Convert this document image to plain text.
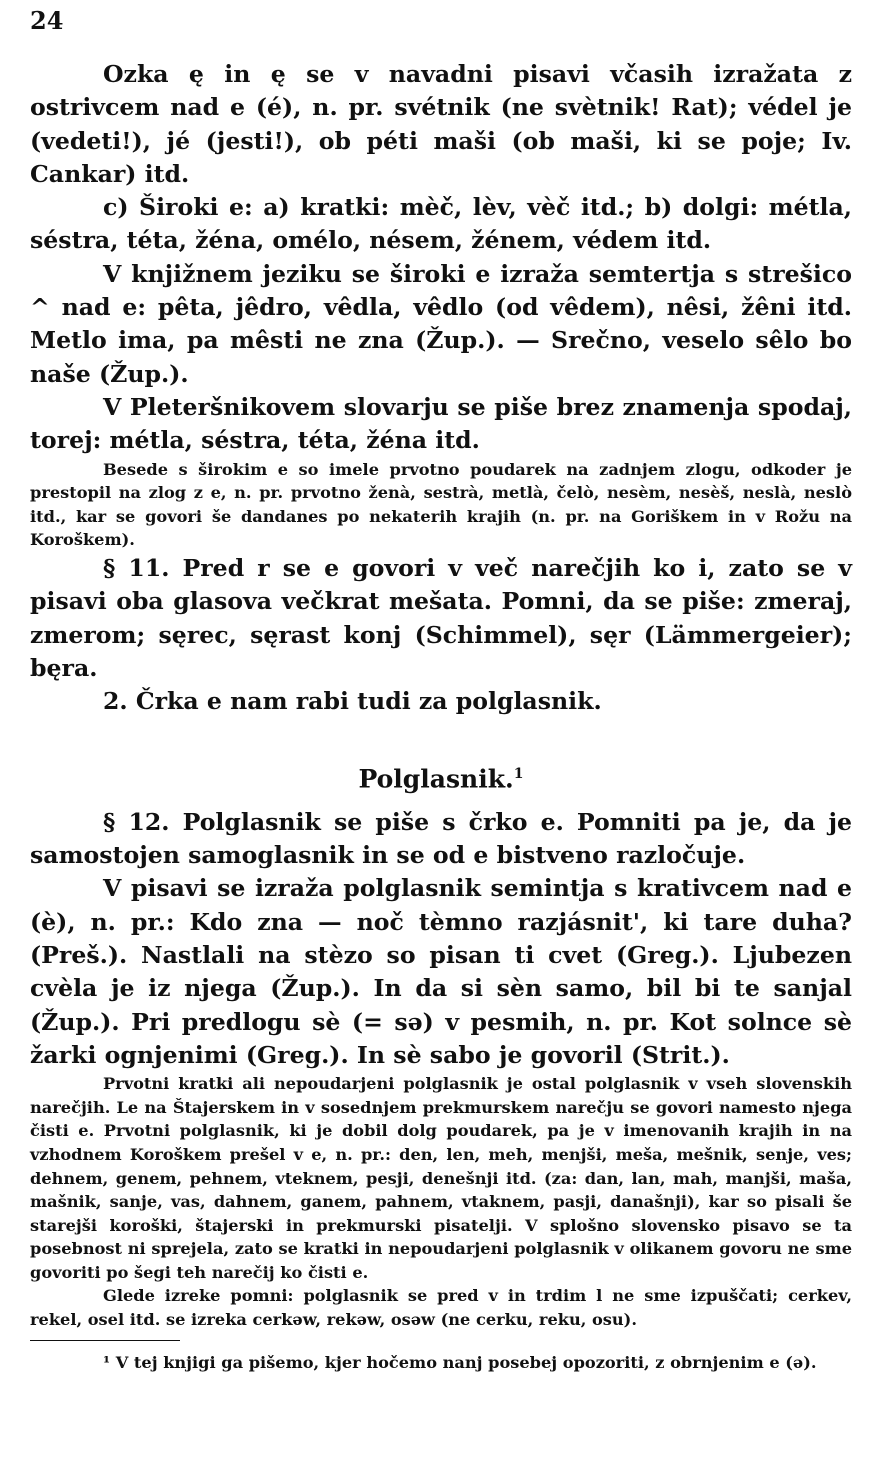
24

Ozka ę in ę se v navadni pisavi včasih izražata z ostrivcem nad e (é), n. pr. svétnik (ne svètnik! Rat); védel je (vedeti!), jé (jesti!), ob péti maši (ob maši, ki se poje; Iv. Cankar) itd.

c) Široki e: a) kratki: mèč, lèv, vèč itd.; b) dolgi: métla, séstra, téta, žéna, omélo, nésem, žénem, védem itd.

V knjižnem jeziku se široki e izraža semtertja s strešico ^ nad e: pêta, jêdro, vêdla, vêdlo (od vêdem), nêsi, žêni itd. Metlo ima, pa mêsti ne zna (Žup.). — Srečno, veselo sêlo bo naše (Žup.).

V Pleteršnikovem slovarju se piše brez znamenja spodaj, torej: métla, séstra, téta, žéna itd.

Besede s širokim e so imele prvotno poudarek na zadnjem zlogu, odkoder je prestopil na zlog z e, n. pr. prvotno ženà, sestrà, metlà, čelò, nesèm, nesèš, neslà, neslò itd., kar se govori še dandanes po nekaterih krajih (n. pr. na Goriškem in v Rožu na Koroškem).

§ 11. Pred r se e govori v več narečjih ko i, zato se v pisavi oba glasova večkrat mešata. Pomni, da se piše: zmeraj, zmerom; sęrec, sęrast konj (Schimmel), sęr (Lämmergeier); bęra.

2. Črka e nam rabi tudi za polglasnik.

Polglasnik.$^1$

§ 12. Polglasnik se piše s črko e. Pomniti pa je, da je samostojen samoglasnik in se od e bistveno razločuje.

V pisavi se izraža polglasnik semintja s krativcem nad e (è), n. pr.: Kdo zna — noč tèmno razjásnit', ki tare duha? (Preš.). Nastlali na stèzo so pisan ti cvet (Greg.). Ljubezen cvèla je iz njega (Žup.). In da si sèn samo, bil bi te sanjal (Žup.). Pri predlogu sè (= sə) v pesmih, n. pr. Kot solnce sè žarki ognjenimi (Greg.). In sè sabo je govoril (Strit.).

Prvotni kratki ali nepoudarjeni polglasnik je ostal polglasnik v vseh slovenskih narečjih. Le na Štajerskem in v sosednjem prekmurskem narečju se govori namesto njega čisti e. Prvotni polglasnik, ki je dobil dolg poudarek, pa je v imenovanih krajih in na vzhodnem Koroškem prešel v e, n. pr.: den, len, meh, menjši, meša, mešnik, senje, ves; dehnem, genem, pehnem, vteknem, pesji, denešnji itd. (za: dan, lan, mah, manjši, maša, mašnik, sanje, vas, dahnem, ganem, pahnem, vtaknem, pasji, današnji), kar so pisali še starejši koroški, štajerski in prekmurski pisatelji. V splošno slovensko pisavo se ta posebnost ni sprejela, zato se kratki in nepoudarjeni polglasnik v olikanem govoru ne sme govoriti po šegi teh narečij ko čisti e.

Glede izreke pomni: polglasnik se pred v in trdim l ne sme izpuščati; cerkev, rekel, osel itd. se izreka cerkəw, rekəw, osəw (ne cerku, reku, osu).

¹ V tej knjigi ga pišemo, kjer hočemo nanj posebej opozoriti, z obrnjenim e (ə).
